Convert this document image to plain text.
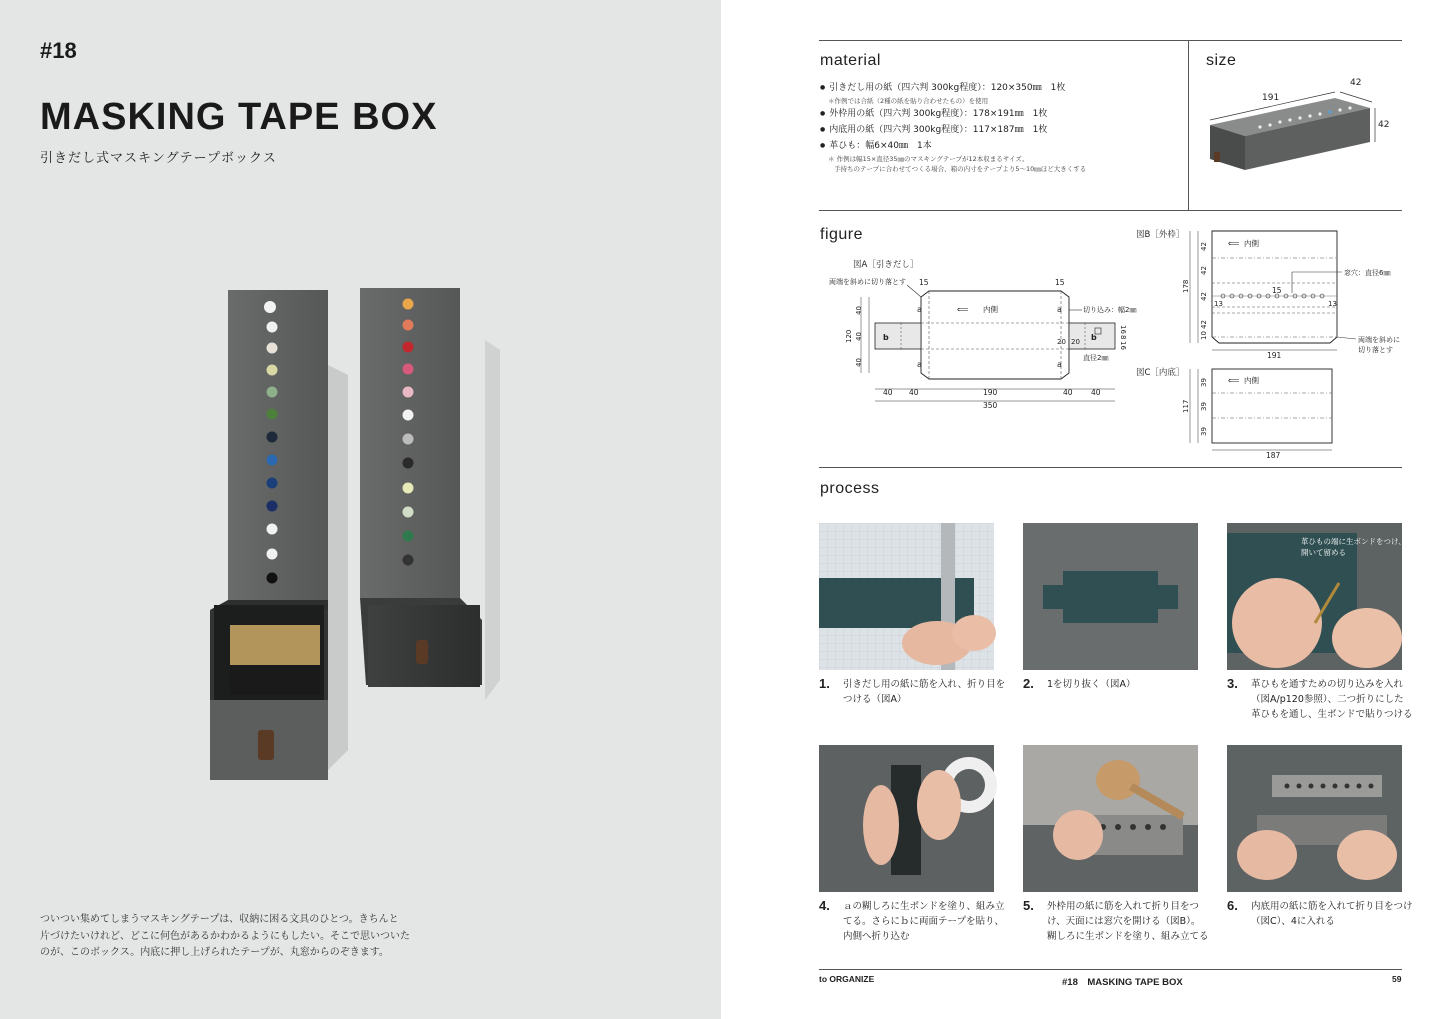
#18
MASKING TAPE BOX
引きだし式マスキングテープボックス
ついつい集めてしまうマスキングテープは、収納に困る文具のひとつ。きちんと
片づけたいけれど、どこに何色があるかわかるようにもしたい。そこで思いついた
のが、このボックス。内底に押し上げられたテープが、丸窓からのぞきます。
material	size
figure
process
● 引きだし用の紙（四六判 300kg程度）：120×350㎜　1枚
＊作例では合紙（2種の紙を貼り合わせたもの）を使用
● 外枠用の紙（四六判 300kg程度）：178×191㎜　1枚
● 内底用の紙（四六判 300kg程度）：117×187㎜　1枚
● 革ひも：幅6×40㎜　1本
＊ 作例は幅15×直径35㎜のマスキングテープが12本収まるサイズ。
手持ちのテープに合わせてつくる場合、箱の内寸をテープより5～10㎜ほど大きくする
191
42
42
図A［引きだし］
両端を斜めに切り落とす
a	a
a	a
b	b
⟸ 内側
15	15
切り込み：幅2㎜
直径2㎜
20 20
16
8
16
40
40
40
120
40 40	190	40 40
350
図B［外枠］
⟸ 内側
窓穴：直径6㎜
15
13	13
両端を斜めに
切り落とす
42
42
42
10
42
178
191
図C［内底］
⟸ 内側
39
39
39
117
187
革ひもの端に生ボンドをつけ、
開いて留める
1. 引きだし用の紙に筋を入れ、折り目を
つける（図A）
2. 1を切り抜く（図A）	3. 革ひもを通すための切り込みを入れ
（図A/p120参照）、二つ折りにした
革ひもを通し、生ボンドで貼りつける
4. ａの糊しろに生ボンドを塗り、組み立
てる。さらにｂに両面テープを貼り、
内側へ折り込む
5. 外枠用の紙に筋を入れて折り目をつ
け、天面には窓穴を開ける（図B）。
糊しろに生ボンドを塗り、組み立てる
6. 内底用の紙に筋を入れて折り目をつけ
（図C）、4に入れる
to ORGANIZE	#18　MASKING TAPE BOX	59
